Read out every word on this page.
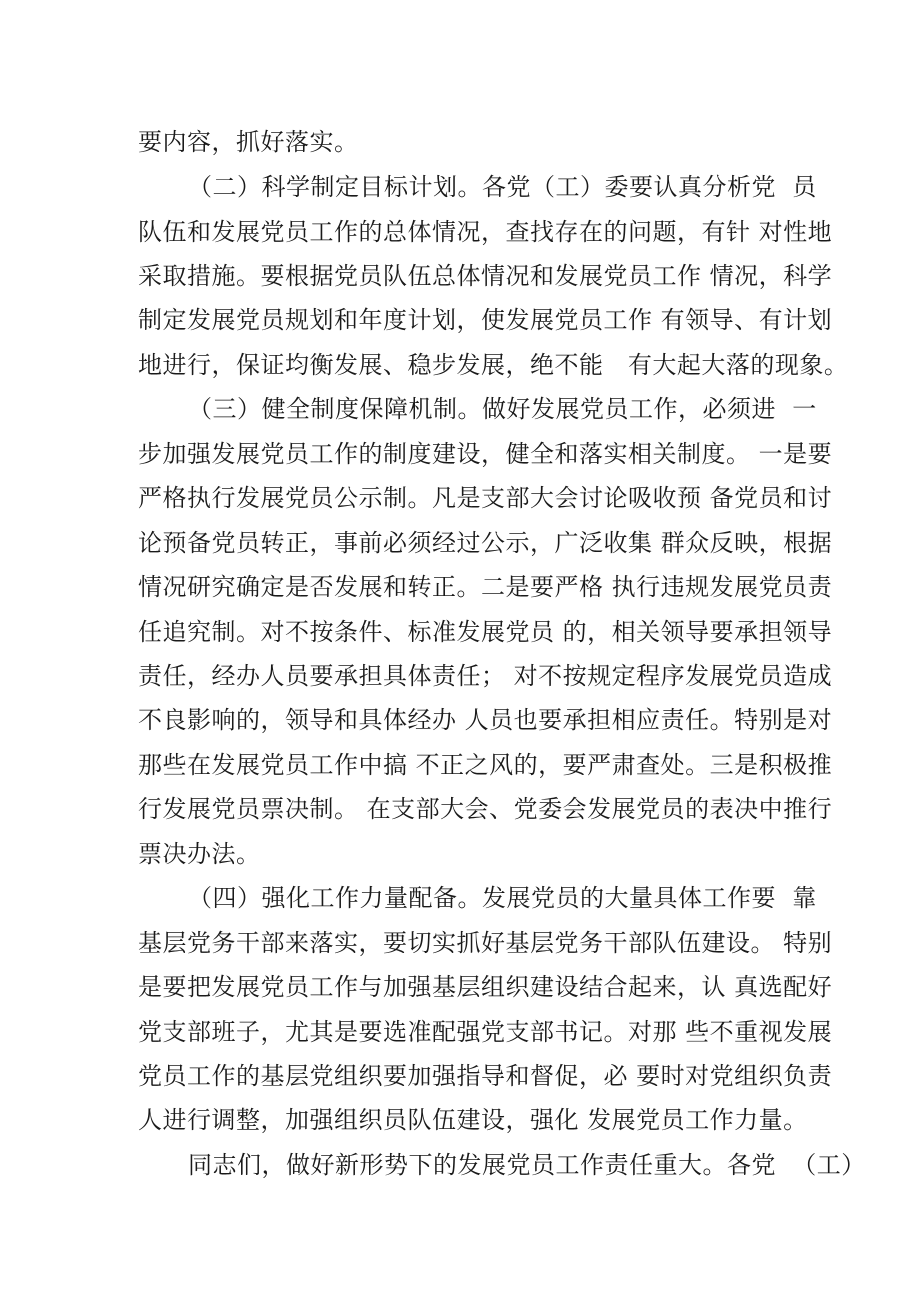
要内容，抓好落实。

（二）科学制定目标计划。各党（工）委要认真分析党  员

队伍和发展党员工作的总体情况，查找存在的问题，有针 对性地

采取措施。要根据党员队伍总体情况和发展党员工作 情况，科学

制定发展党员规划和年度计划，使发展党员工作 有领导、有计划

地进行，保证均衡发展、稳步发展，绝不能   有大起大落的现象。

（三）健全制度保障机制。做好发展党员工作，必须进  一

步加强发展党员工作的制度建设，健全和落实相关制度。 一是要

严格执行发展党员公示制。凡是支部大会讨论吸收预 备党员和讨

论预备党员转正，事前必须经过公示，广泛收集 群众反映，根据

情况研究确定是否发展和转正。二是要严格 执行违规发展党员责

任追究制。对不按条件、标准发展党员 的，相关领导要承担领导

责任，经办人员要承担具体责任； 对不按规定程序发展党员造成

不良影响的，领导和具体经办 人员也要承担相应责任。特别是对

那些在发展党员工作中搞 不正之风的，要严肃查处。三是积极推

行发展党员票决制。 在支部大会、党委会发展党员的表决中推行

票决办法。

（四）强化工作力量配备。发展党员的大量具体工作要  靠

基层党务干部来落实，要切实抓好基层党务干部队伍建设。 特别

是要把发展党员工作与加强基层组织建设结合起来，认 真选配好

党支部班子，尤其是要选准配强党支部书记。对那 些不重视发展

党员工作的基层党组织要加强指导和督促，必 要时对党组织负责

人进行调整，加强组织员队伍建设，强化 发展党员工作力量。

同志们，做好新形势下的发展党员工作责任重大。各党  （工）
